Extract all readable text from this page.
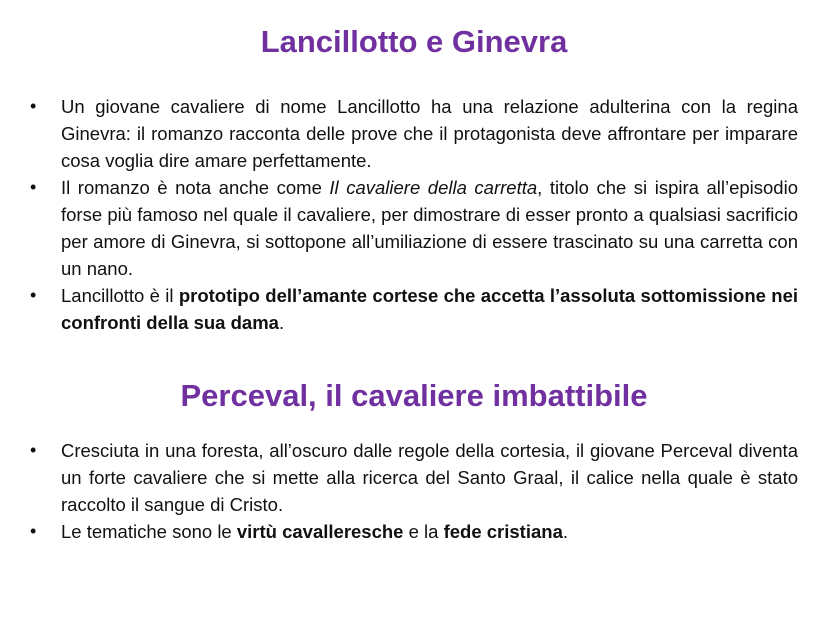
Lancillotto e Ginevra
• Un giovane cavaliere di nome Lancillotto ha una relazione adulterina con la regina Ginevra: il romanzo racconta delle prove che il protagonista deve affrontare per imparare cosa voglia dire amare perfettamente.
• Il romanzo è nota anche come Il cavaliere della carretta, titolo che si ispira all’episodio forse più famoso nel quale il cavaliere, per dimostrare di esser pronto a qualsiasi sacrificio per amore di Ginevra, si sottopone all’umiliazione di essere trascinato su una carretta con un nano.
• Lancillotto è il prototipo dell’amante cortese che accetta l’assoluta sottomissione nei confronti della sua dama.
Perceval, il cavaliere imbattibile
• Cresciuta in una foresta, all’oscuro dalle regole della cortesia, il giovane Perceval diventa un forte cavaliere che si mette alla ricerca del Santo Graal, il calice nella quale è stato raccolto il sangue di Cristo.
• Le tematiche sono le virtù cavalleresche e la fede cristiana.
